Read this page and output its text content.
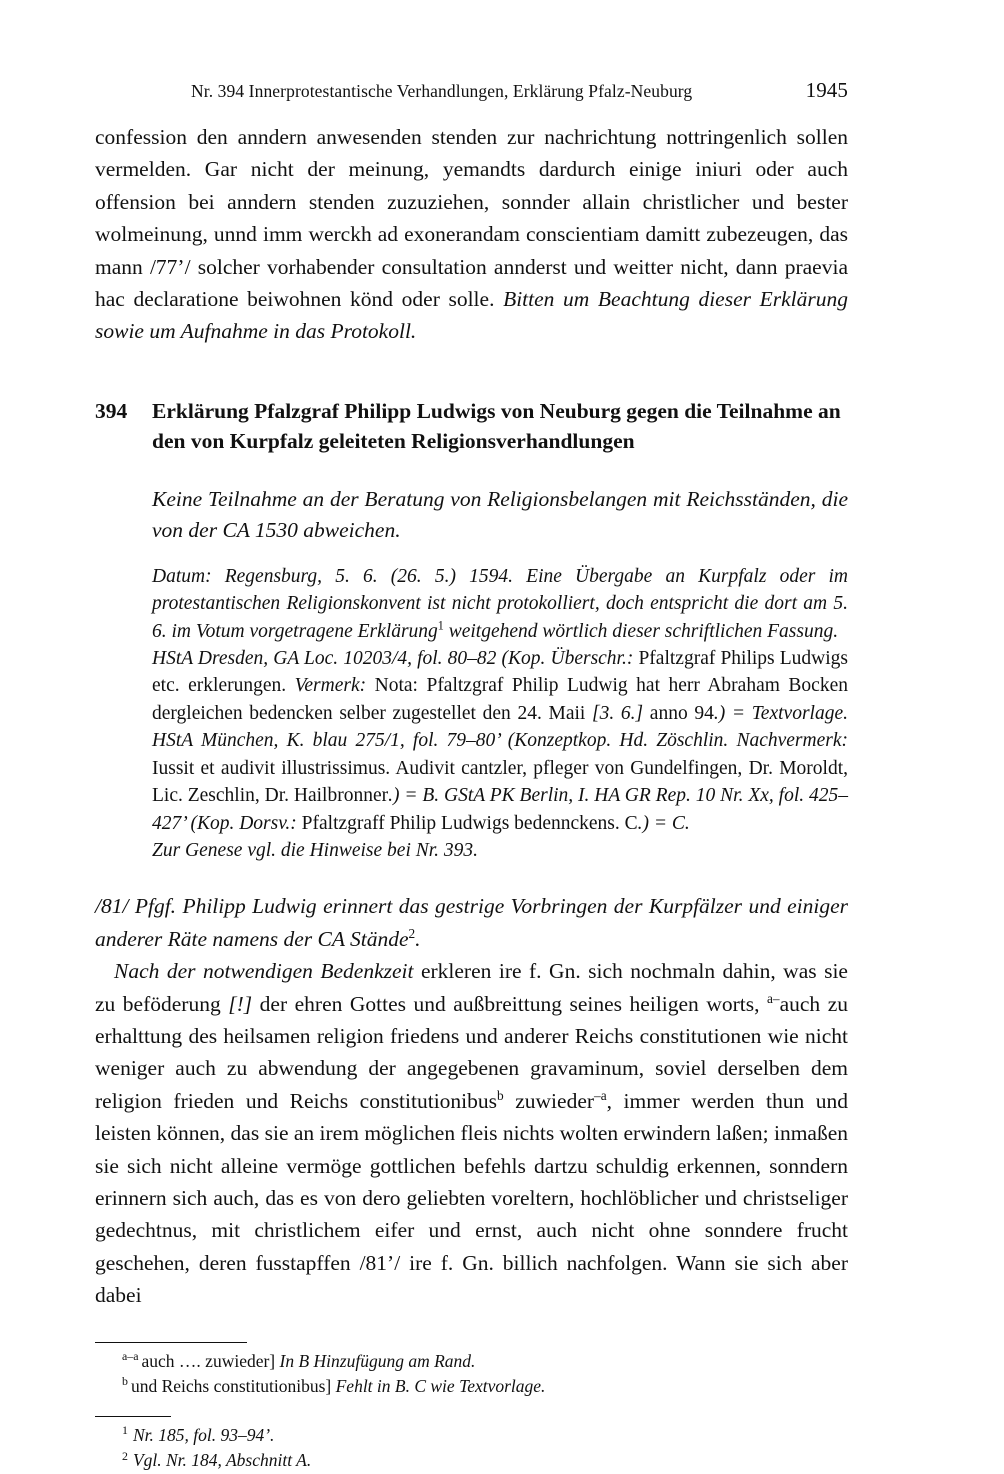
Nr. 394 Innerprotestantische Verhandlungen, Erklärung Pfalz-Neuburg	1945

confession den anndern anwesenden stenden zur nachrichtung nottringenlich sollen vermelden. Gar nicht der meinung, yemandts dardurch einige iniuri oder auch offension bei anndern stenden zuzuziehen, sonnder allain christlicher und bester wolmeinung, unnd imm werckh ad exonerandam conscientiam damitt zubezeugen, das mann /77’/ solcher vorhabender consultation annderst und weitter nicht, dann praevia hac declaratione beiwohnen könd oder solle. Bitten um Beachtung dieser Erklärung sowie um Aufnahme in das Protokoll.

394	Erklärung Pfalzgraf Philipp Ludwigs von Neuburg gegen die Teilnahme an den von Kurpfalz geleiteten Religionsverhandlungen
Keine Teilnahme an der Beratung von Religionsbelangen mit Reichsständen, die von der CA 1530 abweichen.

Datum: Regensburg, 5. 6. (26. 5.) 1594. Eine Übergabe an Kurpfalz oder im protestantischen Religionskonvent ist nicht protokolliert, doch entspricht die dort am 5. 6. im Votum vorgetragene Erklärung$^1$ weitgehend wörtlich dieser schriftlichen Fassung.

HStA Dresden, GA Loc. 10203/4, fol. 80–82 (Kop. Überschr.: Pfaltzgraf Philips Ludwigs etc. erklerungen. Vermerk: Nota: Pfaltzgraf Philip Ludwig hat herr Abraham Bocken dergleichen bedencken selber zugestellet den 24. Maii [3. 6.] anno 94.) = Textvorlage. HStA München, K. blau 275/1, fol. 79–80’ (Konzeptkop. Hd. Zöschlin. Nachvermerk: Iussit et audivit illustrissimus. Audivit cantzler, pfleger von Gundelfingen, Dr. Moroldt, Lic. Zeschlin, Dr. Hailbronner.) = B. GStA PK Berlin, I. HA GR Rep. 10 Nr. Xx, fol. 425–427’ (Kop. Dorsv.: Pfaltzgraff Philip Ludwigs bedennckens. C.) = C.

Zur Genese vgl. die Hinweise bei Nr. 393.

/81/ Pfgf. Philipp Ludwig erinnert das gestrige Vorbringen der Kurpfälzer und einiger anderer Räte namens der CA Stände$^2$.

Nach der notwendigen Bedenkzeit erkleren ire f. Gn. sich nochmaln dahin, was sie zu beföderung [!] der ehren Gottes und außbreittung seines heiligen worts, $^{a-}$auch zu erhalttung des heilsamen religion friedens und anderer Reichs constitutionen wie nicht weniger auch zu abwendung der angegebenen gravaminum, soviel derselben dem religion frieden und Reichs constitutionibus$^b$ zuwieder$^{-a}$, immer werden thun und leisten können, das sie an irem möglichen fleis nichts wolten erwindern laßen; inmaßen sie sich nicht alleine vermöge gottlichen befehls dartzu schuldig erkennen, sonndern erinnern sich auch, das es von dero geliebten voreltern, hochlöblicher und christseliger gedechtnus, mit christlichem eifer und ernst, auch nicht ohne sonndere frucht geschehen, deren fusstapffen /81’/ ire f. Gn. billich nachfolgen. Wann sie sich aber dabei

$^{a-a}$ auch …. zuwieder] In B Hinzufügung am Rand.
$^b$ und Reichs constitutionibus] Fehlt in B. C wie Textvorlage.
$^1$ Nr. 185, fol. 93–94’.
$^2$ Vgl. Nr. 184, Abschnitt A.
